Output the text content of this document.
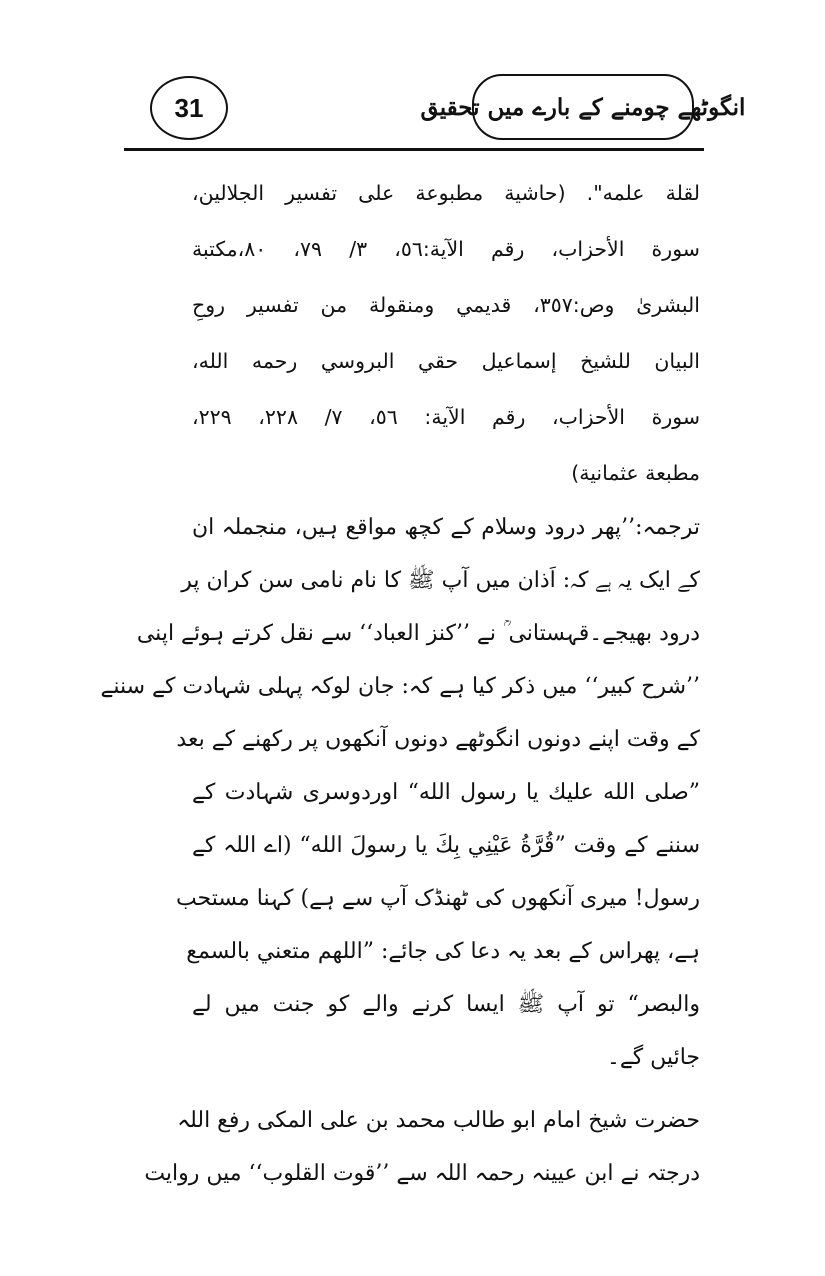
31	انگوٹھے چومنے کے بارے میں تحقیق
لقلة علمه". (حاشية مطبوعة على تفسير الجلالين،
سورة الأحزاب، رقم الآية:٥٦، ٣/ ٧٩، ٨٠،مكتبة
البشرىٰ وص:٣٥٧، قديمي ومنقولة من تفسير روحِ
البيان للشيخ إسماعيل حقي البروسي رحمه الله،
سورة الأحزاب، رقم الآية: ٥٦، ٧/ ٢٢٨، ٢٢٩،
مطبعة عثمانية)
ترجمہ:’’پھر درود وسلام کے کچھ مواقع ہیں، منجملہ ان
کے ایک یہ ہے کہ: اَذان میں آپ ﷺ کا نام نامی سن کران پر
درود بھیجے۔قہستانی ؒ نے ’’کنز العباد‘‘ سے نقل کرتے ہوئے اپنی
’’شرح کبیر‘‘ میں ذکر کیا ہے کہ: جان لوکہ پہلی شہادت کے سننے
کے وقت اپنے دونوں انگوٹھے دونوں آنکھوں پر رکھنے کے بعد
”صلى الله عليك يا رسول الله“ اوردوسری شہادت کے
سننے کے وقت ”قُرَّةُ عَيْنِي بِكَ يا رسولَ الله“ (اے اللہ کے
رسول! میری آنکھوں کی ٹھنڈک آپ سے ہے) کہنا مستحب
ہے، پھراس کے بعد یہ دعا کی جائے: ”اللهم متعني بالسمع
والبصر“ تو آپ ﷺ ایسا کرنے والے کو جنت میں لے
جائیں گے۔
حضرت شیخ امام ابو طالب محمد بن علی المکی رفع اللہ
درجتہ نے ابن عیینہ رحمہ اللہ سے ’’قوت القلوب‘‘ میں روایت
